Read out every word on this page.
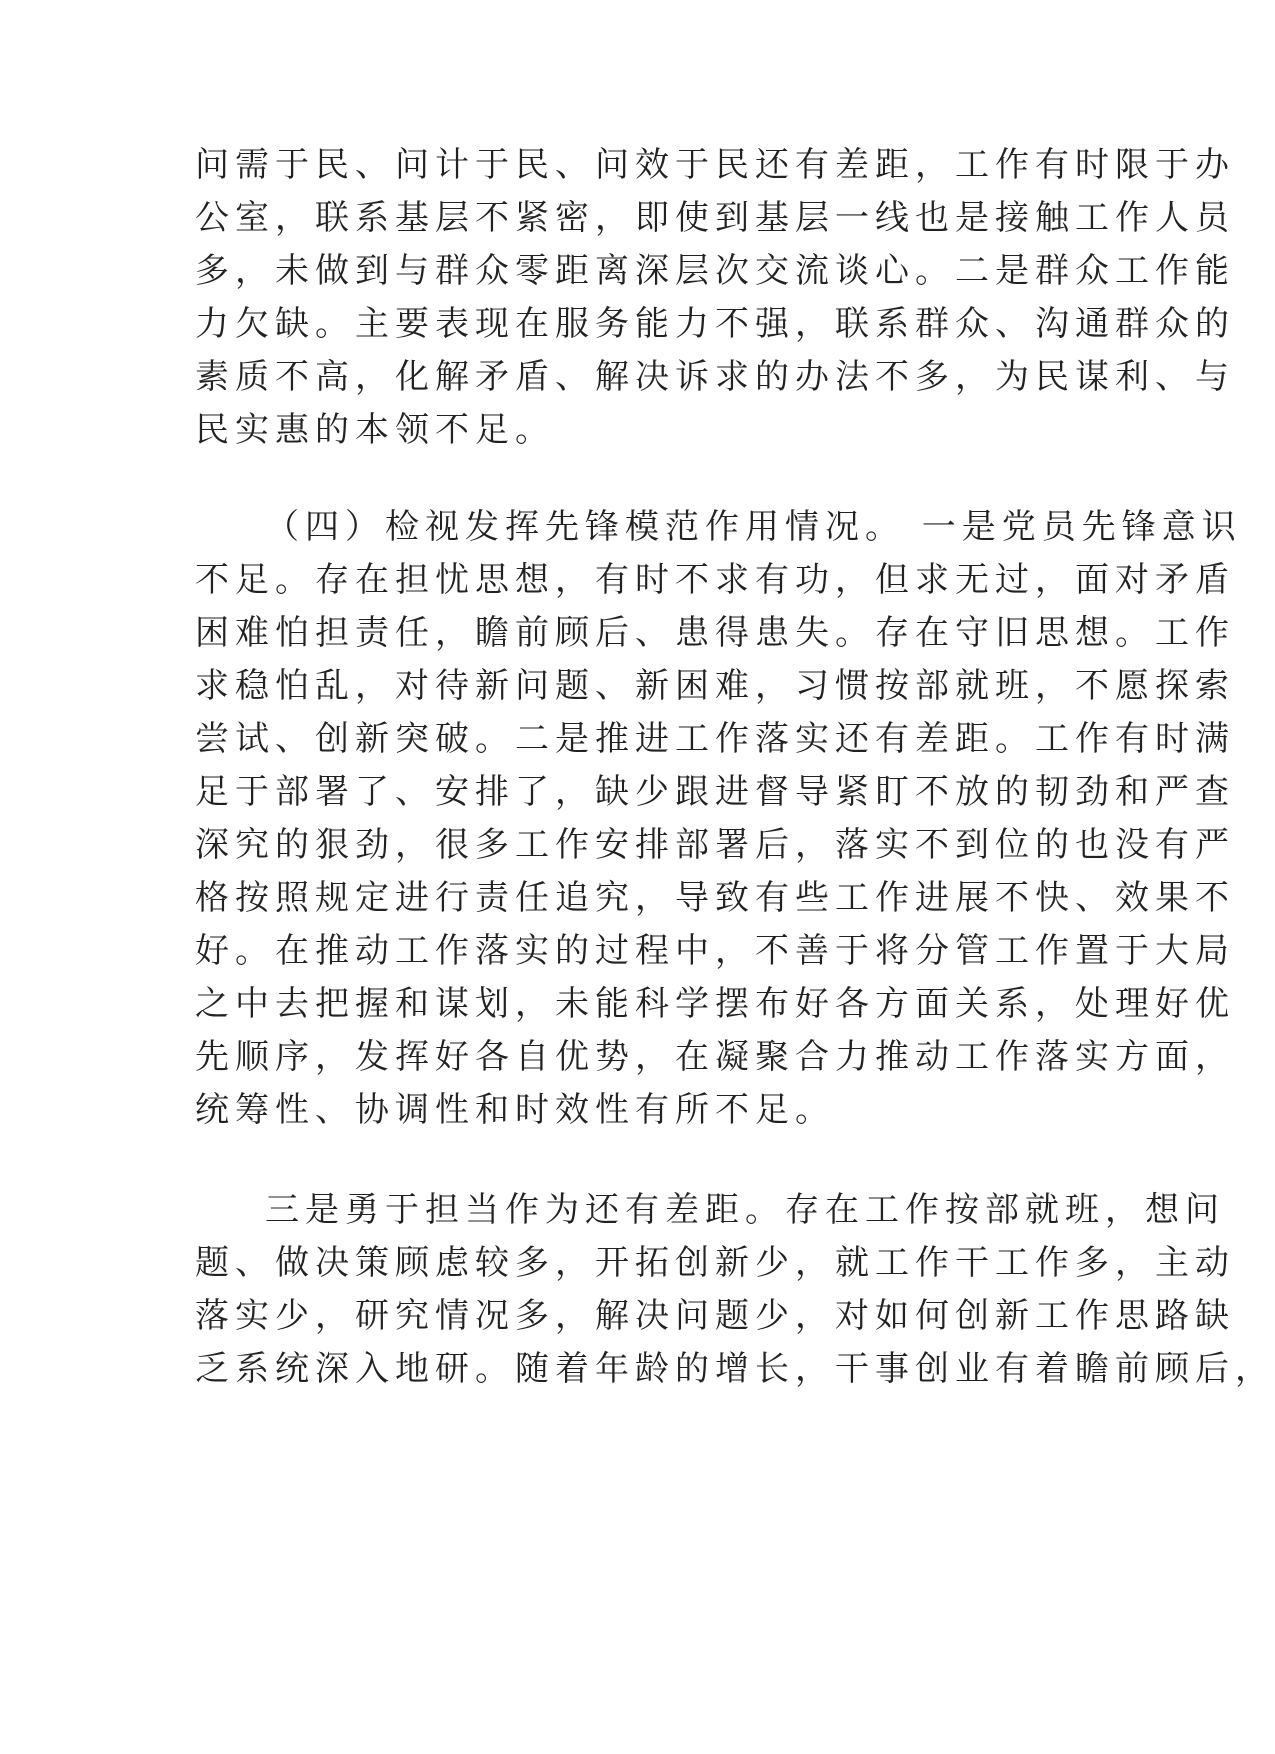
问需于民、问计于民、问效于民还有差距，工作有时限于办
公室，联系基层不紧密，即使到基层一线也是接触工作人员
多，未做到与群众零距离深层次交流谈心。二是群众工作能
力欠缺。主要表现在服务能力不强，联系群众、沟通群众的
素质不高，化解矛盾、解决诉求的办法不多，为民谋利、与
民实惠的本领不足。
（四）检视发挥先锋模范作用情况。 一是党员先锋意识
不足。存在担忧思想，有时不求有功，但求无过，面对矛盾
困难怕担责任，瞻前顾后、患得患失。存在守旧思想。工作
求稳怕乱，对待新问题、新困难，习惯按部就班，不愿探索
尝试、创新突破。二是推进工作落实还有差距。工作有时满
足于部署了、安排了，缺少跟进督导紧盯不放的韧劲和严查
深究的狠劲，很多工作安排部署后，落实不到位的也没有严
格按照规定进行责任追究，导致有些工作进展不快、效果不
好。在推动工作落实的过程中，不善于将分管工作置于大局
之中去把握和谋划，未能科学摆布好各方面关系，处理好优
先顺序，发挥好各自优势，在凝聚合力推动工作落实方面，
统筹性、协调性和时效性有所不足。
三是勇于担当作为还有差距。存在工作按部就班，想问
题、做决策顾虑较多，开拓创新少，就工作干工作多，主动
落实少，研究情况多，解决问题少，对如何创新工作思路缺
乏系统深入地研。随着年龄的增长，干事创业有着瞻前顾后，
